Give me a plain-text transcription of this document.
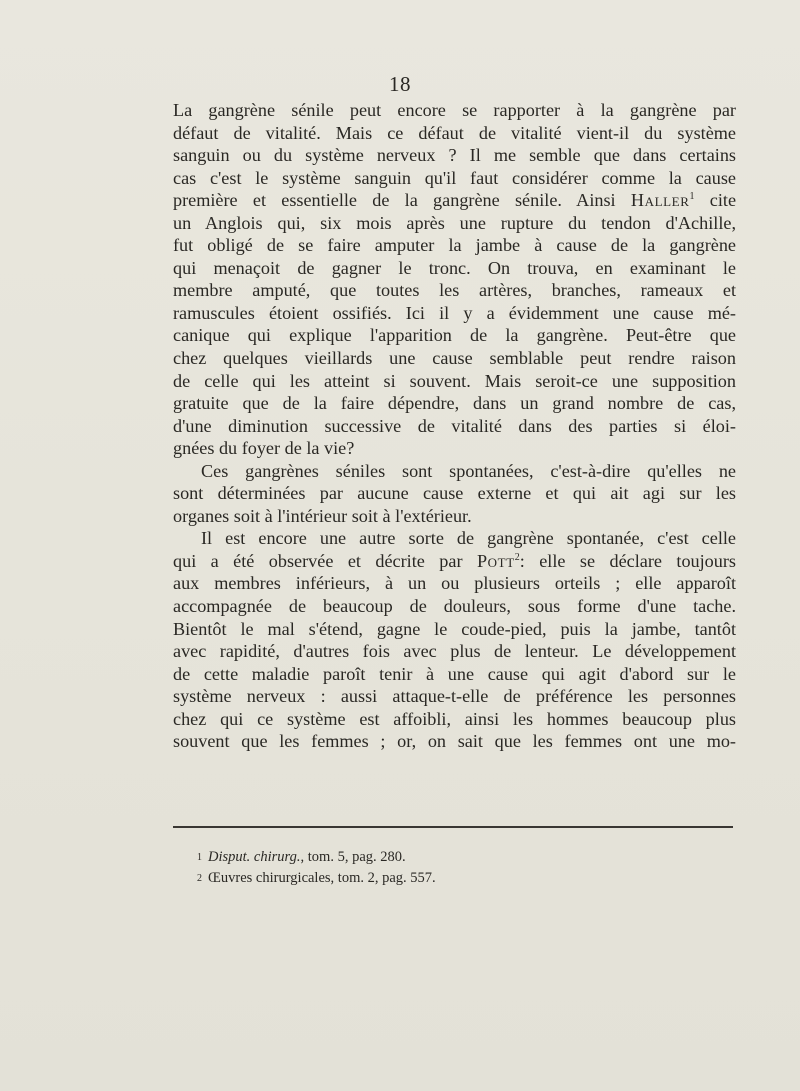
18
La gangrène sénile peut encore se rapporter à la gangrène par
défaut de vitalité. Mais ce défaut de vitalité vient-il du système
sanguin ou du système nerveux ? Il me semble que dans certains
cas c'est le système sanguin qu'il faut considérer comme la cause
première et essentielle de la gangrène sénile. Ainsi Haller$^1$ cite
un Anglois qui, six mois après une rupture du tendon d'Achille,
fut obligé de se faire amputer la jambe à cause de la gangrène
qui menaçoit de gagner le tronc. On trouva, en examinant le
membre amputé, que toutes les artères, branches, rameaux et
ramuscules étoient ossifiés. Ici il y a évidemment une cause mé-
canique qui explique l'apparition de la gangrène. Peut-être que
chez quelques vieillards une cause semblable peut rendre raison
de celle qui les atteint si souvent. Mais seroit-ce une supposition
gratuite que de la faire dépendre, dans un grand nombre de cas,
d'une diminution successive de vitalité dans des parties si éloi-
gnées du foyer de la vie?
Ces gangrènes séniles sont spontanées, c'est-à-dire qu'elles ne
sont déterminées par aucune cause externe et qui ait agi sur les
organes soit à l'intérieur soit à l'extérieur.
Il est encore une autre sorte de gangrène spontanée, c'est celle
qui a été observée et décrite par Pott$^2$: elle se déclare toujours
aux membres inférieurs, à un ou plusieurs orteils ; elle apparoît
accompagnée de beaucoup de douleurs, sous forme d'une tache.
Bientôt le mal s'étend, gagne le coude-pied, puis la jambe, tantôt
avec rapidité, d'autres fois avec plus de lenteur. Le développement
de cette maladie paroît tenir à une cause qui agit d'abord sur le
système nerveux : aussi attaque-t-elle de préférence les personnes
chez qui ce système est affoibli, ainsi les hommes beaucoup plus
souvent que les femmes ; or, on sait que les femmes ont une mo-
$^1$ Disput. chirurg., tom. 5, pag. 280.
$^2$ Œuvres chirurgicales, tom. 2, pag. 557.
